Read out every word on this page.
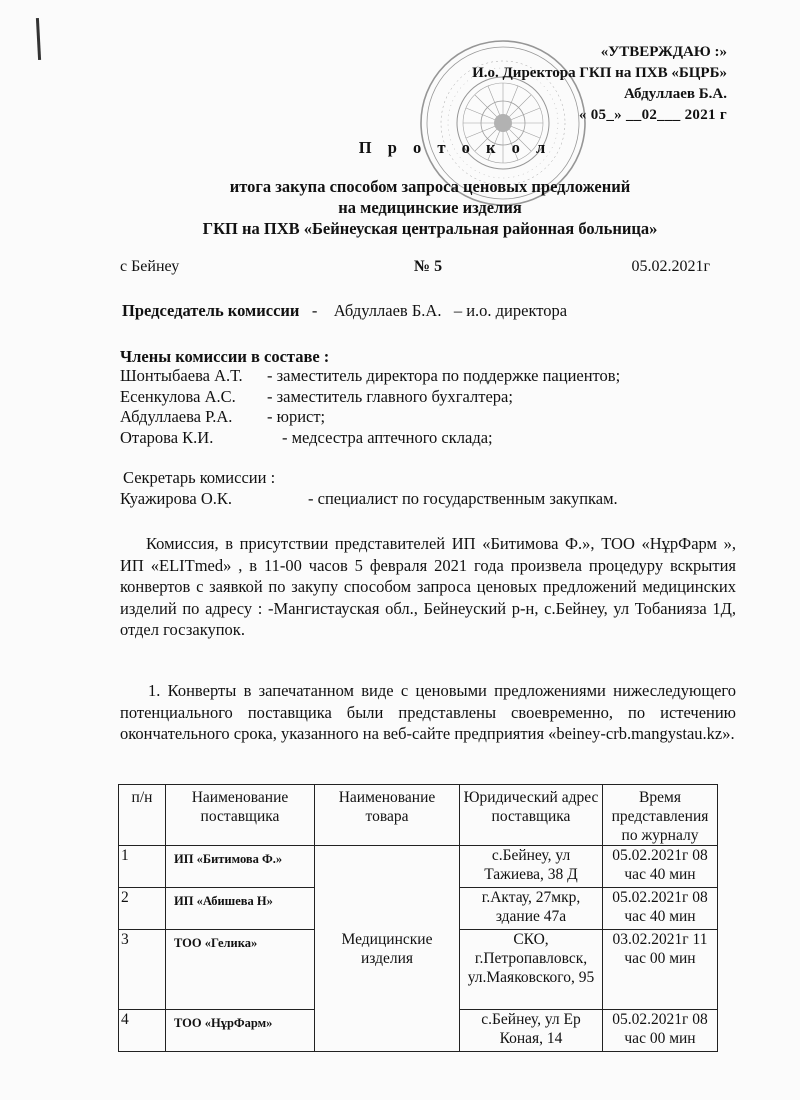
«УТВЕРЖДАЮ :»
И.о. Директора ГКП на ПХВ «БЦРБ»
Абдуллаев Б.А.
« 05_» __02___ 2021 г
П р о т о к о л
итога закупа способом запроса ценовых предложений
на медицинские изделия
ГКП на ПХВ «Бейнеуская центральная районная больница»
с Бейнеу	№ 5	05.02.2021г
Председатель комиссии   -    Абдуллаев Б.А.   – и.о. директора
Члены комиссии в составе :
Шонтыбаева А.Т. - заместитель директора по поддержке пациентов;
Есенкулова А.С. - заместитель главного бухгалтера;
Абдуллаева Р.А. - юрист;
Отарова К.И.	- медсестра аптечного склада;
Секретарь комиссии :
Куажирова О.К.	- специалист по государственным закупкам.
Комиссия, в присутствии представителей ИП «Битимова Ф.», ТОО «НұрФарм », ИП «ELITmed» , в 11-00 часов 5 февраля 2021 года произвела процедуру вскрытия конвертов с заявкой по закупу способом запроса ценовых предложений медицинских изделий по адресу : -Мангистауская обл., Бейнеуский р-н, с.Бейнеу, ул Тобанияза 1Д, отдел госзакупок.
1. Конверты в запечатанном виде с ценовыми предложениями нижеследующего потенциального поставщика были представлены своевременно, по истечению окончательного срока, указанного на веб-сайте предприятия «beiney-crb.mangystau.kz».
п/н	Наименование поставщика	Наименование товара	Юридический адрес поставщика	Время представления по журналу
1	ИП «Битимова Ф.»	Медицинские изделия	с.Бейнеу, ул Тажиева, 38 Д	05.02.2021г 08 час 40 мин
2	ИП «Абишева Н»		г.Актау, 27мкр, здание 47а	05.02.2021г 08 час 40 мин
3	ТОО «Гелика»		СКО, г.Петропавловск, ул.Маяковского, 95	03.02.2021г 11 час 00 мин
4	ТОО «НұрФарм»		с.Бейнеу, ул Ер Коная, 14	05.02.2021г 08 час 00 мин
